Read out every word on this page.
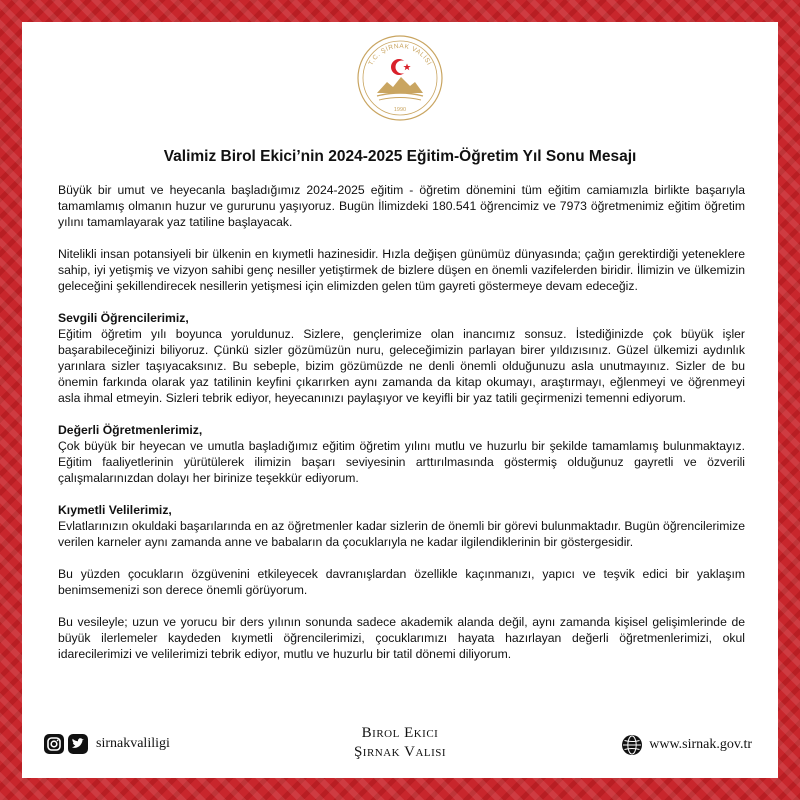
T.C. ŞIRNAK VALİSİ
1990
Valimiz Birol Ekici’nin 2024-2025 Eğitim-Öğretim Yıl Sonu Mesajı

Büyük bir umut ve heyecanla başladığımız 2024-2025 eğitim - öğretim dönemini tüm eğitim camiamızla birlikte başarıyla tamamlamış olmanın huzur ve gururunu yaşıyoruz. Bugün İlimizdeki 180.541 öğrencimiz ve 7973 öğretmenimiz eğitim öğretim yılını tamamlayarak yaz tatiline başlayacak.

Nitelikli insan potansiyeli bir ülkenin en kıymetli hazinesidir. Hızla değişen günümüz dünyasında; çağın gerektirdiği yeteneklere sahip, iyi yetişmiş ve vizyon sahibi genç nesiller yetiştirmek de bizlere düşen en önemli vazifelerden biridir. İlimizin ve ülkemizin geleceğini şekillendirecek nesillerin yetişmesi için elimizden gelen tüm gayreti göstermeye devam edeceğiz.

Sevgili Öğrencilerimiz,
Eğitim öğretim yılı boyunca yoruldunuz. Sizlere, gençlerimize olan inancımız sonsuz. İstediğinizde çok büyük işler başarabileceğinizi biliyoruz. Çünkü sizler gözümüzün nuru, geleceğimizin parlayan birer yıldızısınız. Güzel ülkemizi aydınlık yarınlara sizler taşıyacaksınız. Bu sebeple, bizim gözümüzde ne denli önemli olduğunuzu asla unutmayınız. Sizler de bu önemin farkında olarak yaz tatilinin keyfini çıkarırken aynı zamanda da kitap okumayı, araştırmayı, eğlenmeyi ve öğrenmeyi asla ihmal etmeyin. Sizleri tebrik ediyor, heyecanınızı paylaşıyor ve keyifli bir yaz tatili geçirmenizi temenni ediyorum.

Değerli Öğretmenlerimiz,
Çok büyük bir heyecan ve umutla başladığımız eğitim öğretim yılını mutlu ve huzurlu bir şekilde tamamlamış bulunmaktayız. Eğitim faaliyetlerinin yürütülerek ilimizin başarı seviyesinin arttırılmasında göstermiş olduğunuz gayretli ve özverili çalışmalarınızdan dolayı her birinize teşekkür ediyorum.

Kıymetli Velilerimiz,
Evlatlarınızın okuldaki başarılarında en az öğretmenler kadar sizlerin de önemli bir görevi bulunmaktadır. Bugün öğrencilerimize verilen karneler aynı zamanda anne ve babaların da çocuklarıyla ne kadar ilgilendiklerinin bir göstergesidir.

Bu yüzden çocukların özgüvenini etkileyecek davranışlardan özellikle kaçınmanızı, yapıcı ve teşvik edici bir yaklaşım benimsemenizi son derece önemli görüyorum.

Bu vesileyle; uzun ve yorucu bir ders yılının sonunda sadece akademik alanda değil, aynı zamanda kişisel gelişimlerinde de büyük ilerlemeler kaydeden kıymetli öğrencilerimizi, çocuklarımızı hayata hazırlayan değerli öğretmenlerimizi, okul idarecilerimizi ve velilerimizi tebrik ediyor, mutlu ve huzurlu bir tatil dönemi diliyorum.

sirnakvaliligi
Birol Ekici
Şırnak Valisi	www.sirnak.gov.tr
